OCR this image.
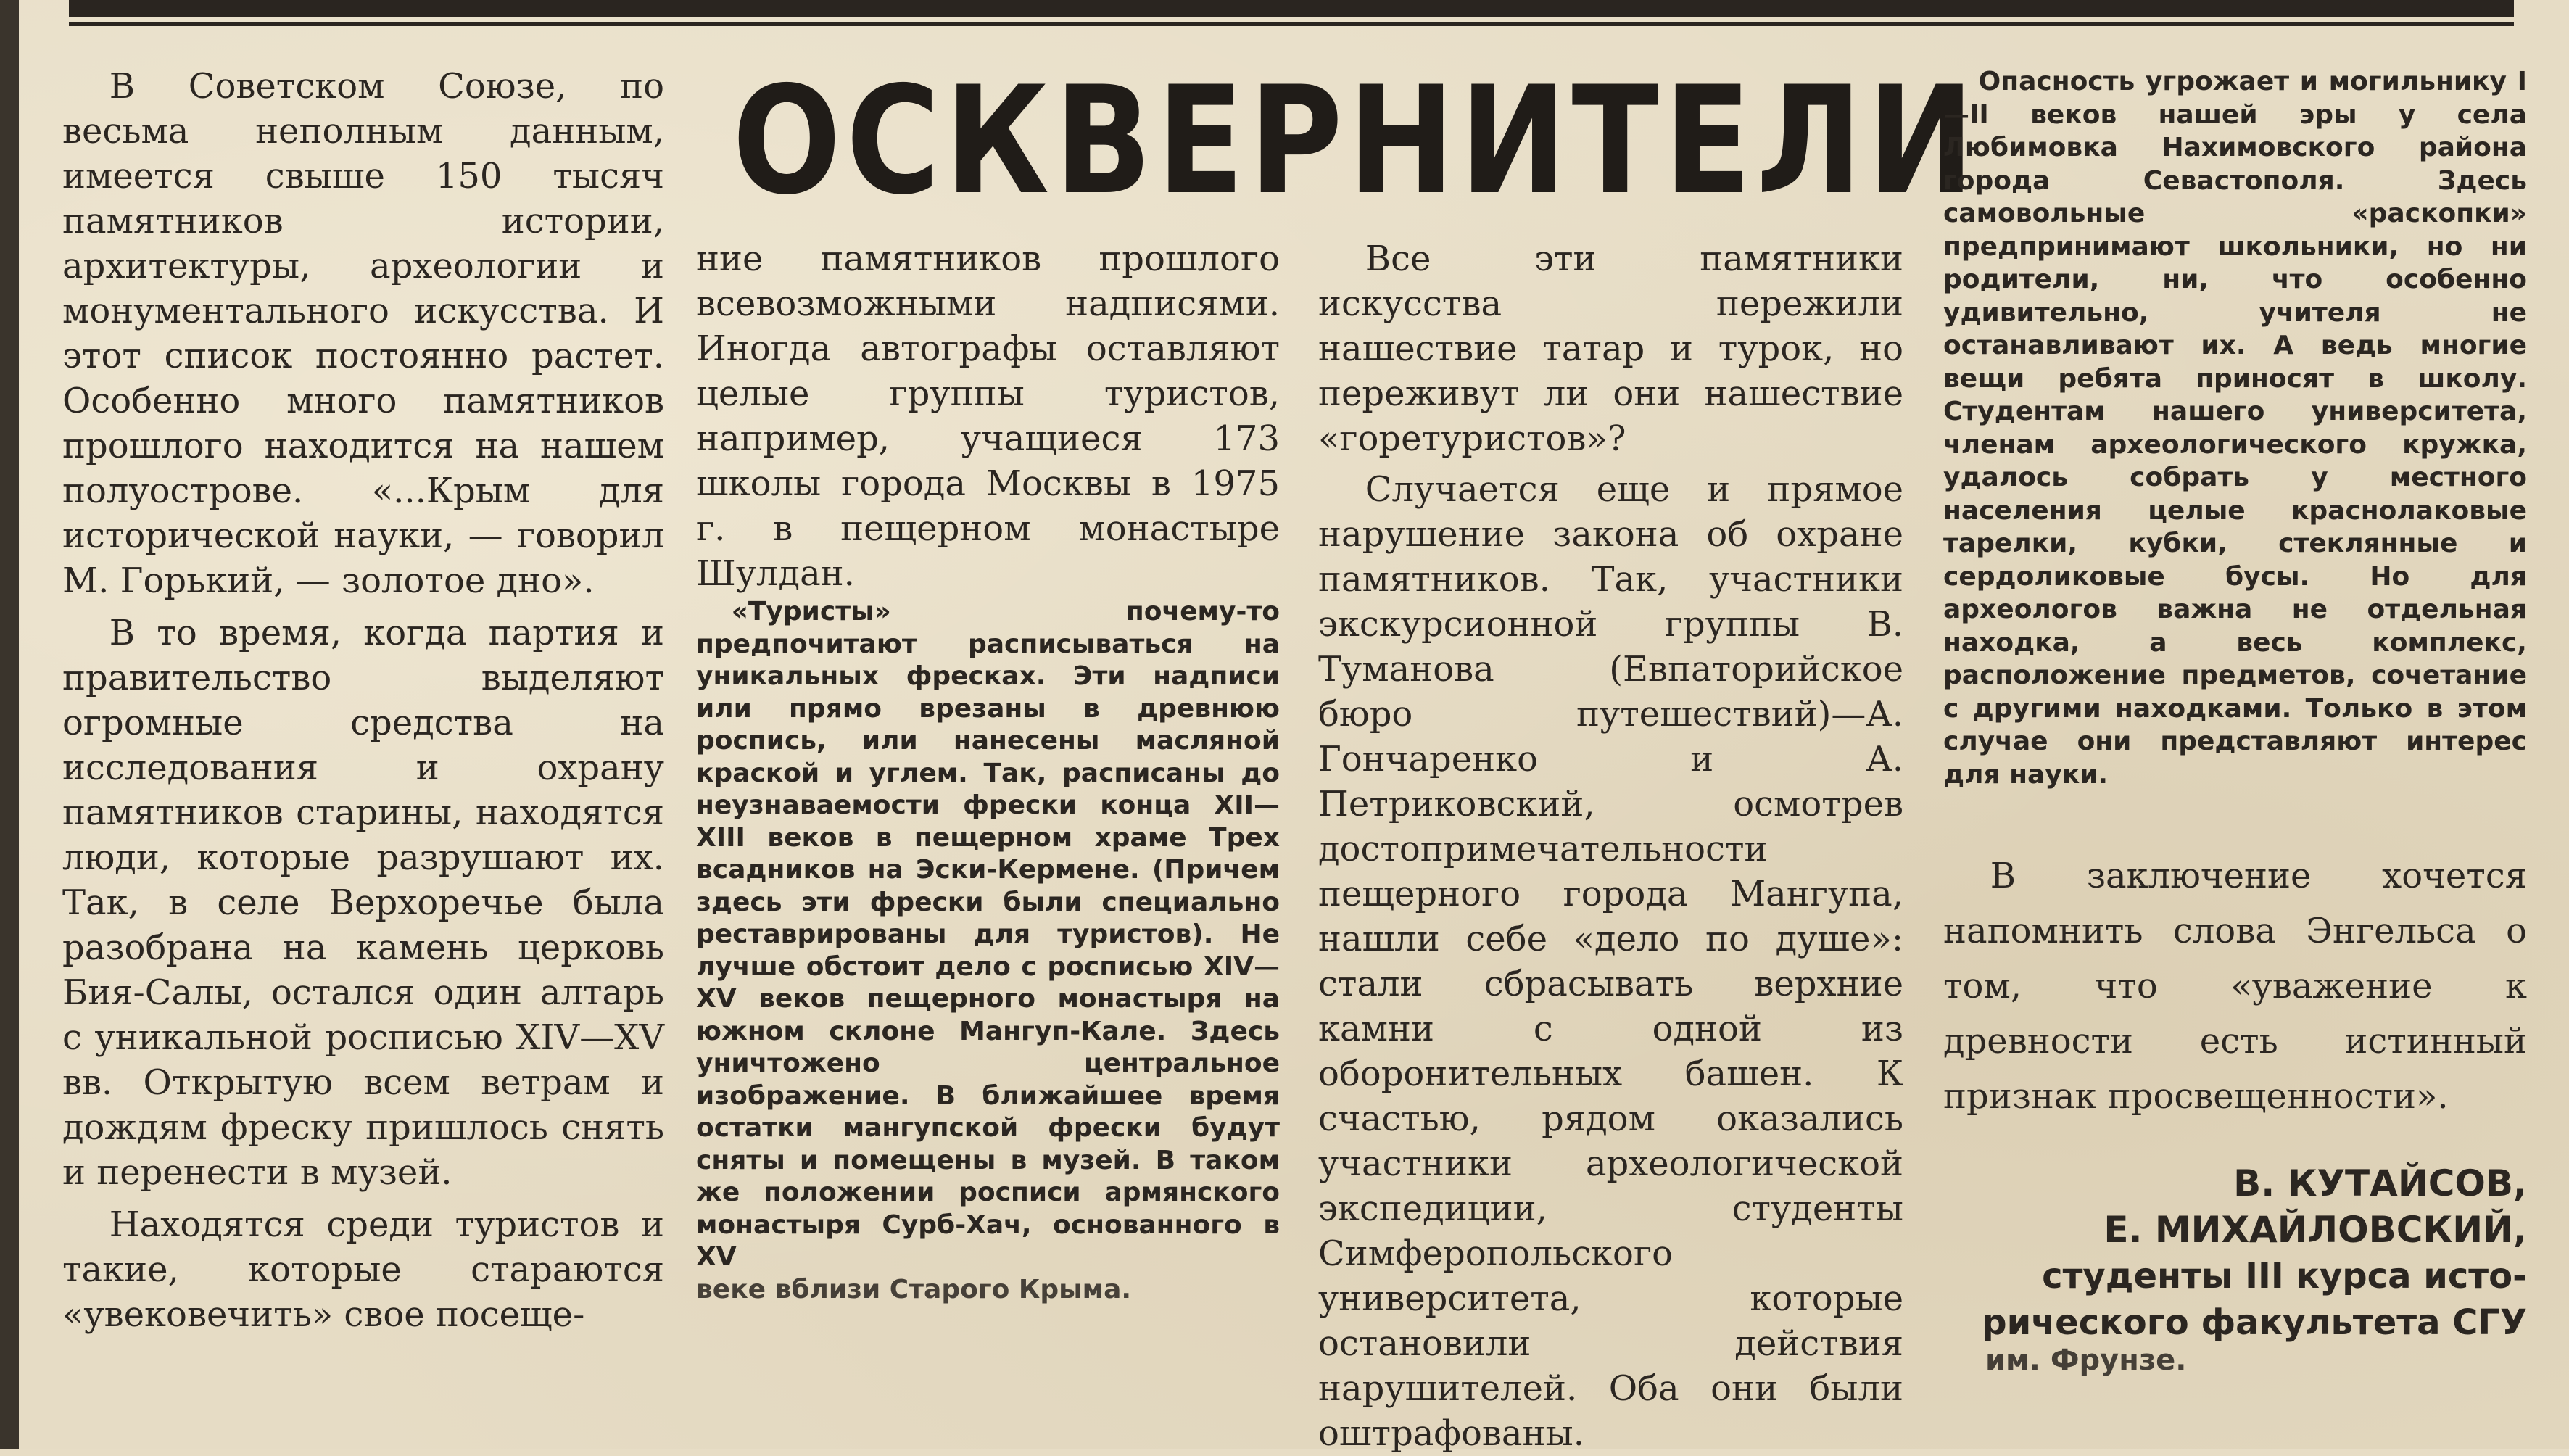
ОСКВЕРНИТЕЛИ

В Советском Союзе, по весьма неполным данным, имеется свыше 150 тысяч памятников истории, архитектуры, археологии и монументального искусства. И этот список постоянно растет. Особенно много памятников прошлого находится на нашем полуострове. «...Крым для исторической науки, — говорил М. Горький, — золотое дно».

В то время, когда партия и правительство выделяют огромные средства на исследования и охрану памятников старины, находятся люди, которые разрушают их. Так, в селе Верхоречье была разобрана на камень церковь Бия-Салы, остался один алтарь с уникальной росписью XIV—XV вв. Открытую всем ветрам и дождям фреску пришлось снять и перенести в музей.

Находятся среди туристов и такие, которые стараются «увековечить» свое посеще-

ние памятников прошлого всевозможными надписями. Иногда автографы оставляют целые группы туристов, например, учащиеся 173 школы города Москвы в 1975 г. в пещерном монастыре Шулдан.

«Туристы» почему-то предпочитают расписываться на уникальных фресках. Эти надписи или прямо врезаны в древнюю роспись, или нанесены масляной краской и углем. Так, расписаны до неузнаваемости фрески конца XII—XIII веков в пещерном храме Трех всадников на Эски-Кермене. (Причем здесь эти фрески были специально реставрированы для туристов). Не лучше обстоит дело с росписью XIV—XV веков пещерного монастыря на южном склоне Мангуп-Кале. Здесь уничтожено центральное изображение. В ближайшее время остатки мангупской фрески будут сняты и помещены в музей. В таком же положении росписи армянского монастыря Сурб-Хач, основанного в XV

веке вблизи Старого Крыма.

Все эти памятники искусства пережили нашествие татар и турок, но переживут ли они нашествие «горетуристов»?

Случается еще и прямое нарушение закона об охране памятников. Так, участники экскурсионной группы В. Туманова (Евпаторийское бюро путешествий)—А. Гончаренко и А. Петриковский, осмотрев достопримечательности пещерного города Мангупа, нашли себе «дело по душе»: стали сбрасывать верхние камни с одной из оборонительных башен. К счастью, рядом оказались участники археологической экспедиции, студенты Симферопольского университета, которые остановили действия нарушителей. Оба они были оштрафованы.

Опасность угрожает и могильнику I—II веков нашей эры у села Любимовка Нахимовского района города Севастополя. Здесь самовольные «раскопки» предпринимают школьники, но ни родители, ни, что особенно удивительно, учителя не останавливают их. А ведь многие вещи ребята приносят в школу. Студентам нашего университета, членам археологического кружка, удалось собрать у местного населения целые краснолаковые тарелки, кубки, стеклянные и сердоликовые бусы. Но для археологов важна не отдельная находка, а весь комплекс, расположение предметов, сочетание с другими находками. Только в этом случае они представляют интерес для науки.

В заключение хочется напомнить слова Энгельса о том, что «уважение к древности есть истинный признак просвещенности».

В. КУТАЙСОВ,
Е. МИХАЙЛОВСКИЙ,
студенты III курса исто-
рического факультета СГУ
им. Фрунзе.
